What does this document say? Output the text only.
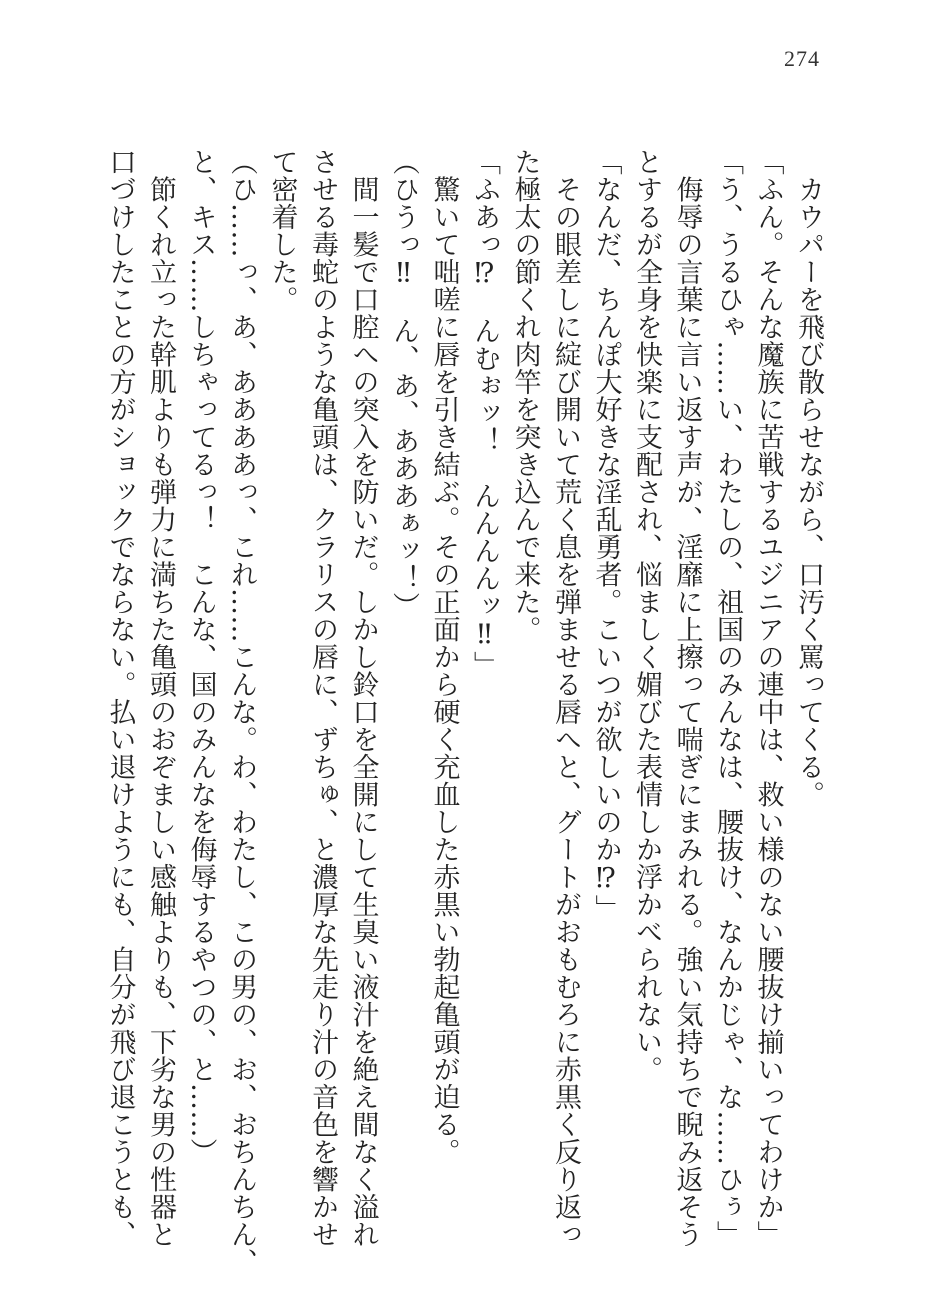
274
　カウパーを飛び散らせながら、口汚く罵ってくる。
「ふん。そんな魔族に苦戦するユジニアの連中は、救い様のない腰抜け揃いってわけか」
「う、うるひゃ……い、わたしの、祖国のみんなは、腰抜け、なんかじゃ、な……ひぅ」
　侮辱の言葉に言い返す声が、淫靡に上擦って喘ぎにまみれる。強い気持ちで睨み返そう
とするが全身を快楽に支配され、悩ましく媚びた表情しか浮かべられない。
「なんだ、ちんぽ大好きな淫乱勇者。こいつが欲しいのか⁉」
　その眼差しに綻び開いて荒く息を弾ませる唇へと、グートがおもむろに赤黒く反り返っ
た極太の節くれ肉竿を突き込んで来た。
「ふあっ⁉　んむぉッ！　んんんんッ‼」
　驚いて咄嗟に唇を引き結ぶ。その正面から硬く充血した赤黒い勃起亀頭が迫る。
（ひうっ‼　ん、あ、あああぁッ！）
　間一髪で口腔への突入を防いだ。しかし鈴口を全開にして生臭い液汁を絶え間なく溢れ
させる毒蛇のような亀頭は、クラリスの唇に、ずちゅ、と濃厚な先走り汁の音色を響かせ
て密着した。
（ひ……っ、あ、ああああっ、これ……こんな。わ、わたし、この男の、お、おちんちん、
と、キス……しちゃってるっ！　こんな、国のみんなを侮辱するやつの、と……）
　節くれ立った幹肌よりも弾力に満ちた亀頭のおぞましい感触よりも、下劣な男の性器と
口づけしたことの方がショックでならない。払い退けようにも、自分が飛び退こうとも、
